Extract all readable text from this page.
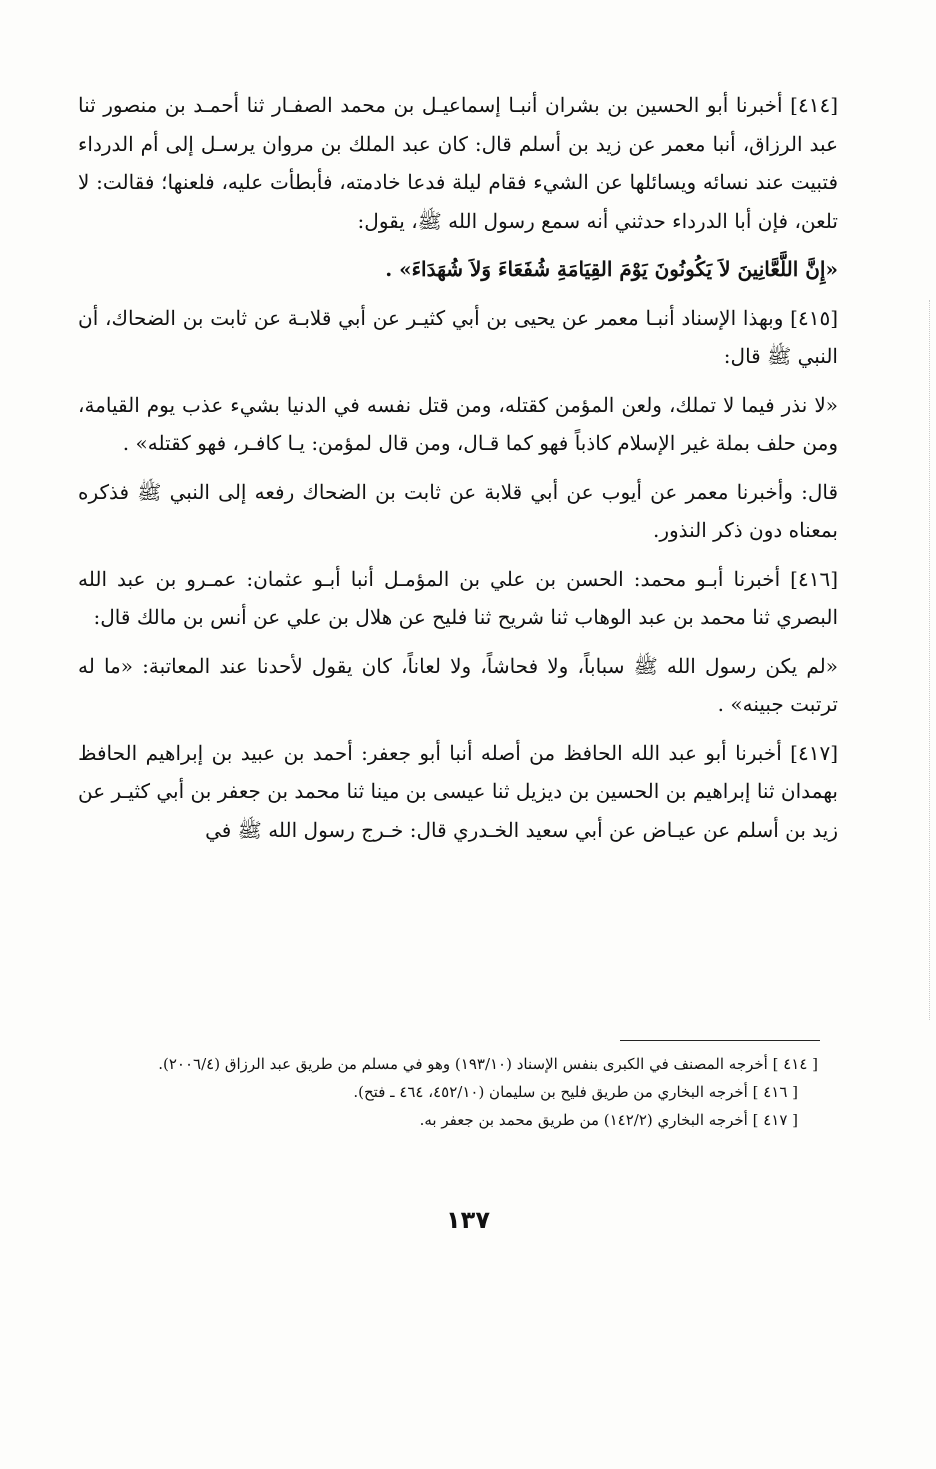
[٤١٤] أخبرنا أبو الحسين بن بشران أنبـا إسماعيـل بن محمد الصفـار ثنا أحمـد بن منصور ثنا عبد الرزاق، أنبا معمر عن زيد بن أسلم قال: كان عبد الملك بن مروان يرسـل إلى أم الدرداء فتبيت عند نسائه ويسائلها عن الشيء فقام ليلة فدعا خادمته، فأبطأت عليه، فلعنها؛ فقالت: لا تلعن، فإن أبا الدرداء حدثني أنه سمع رسول الله ﷺ، يقول:

«إِنَّ اللَّعَّانِينَ لاَ يَكُونُونَ يَوْمَ القِيَامَةِ شُفَعَاءَ وَلاَ شُهَدَاءَ» .

[٤١٥] وبهذا الإسناد أنبـا معمر عن يحيى بن أبي كثيـر عن أبي قلابـة عن ثابت بن الضحاك، أن النبي ﷺ قال:

«لا نذر فيما لا تملك، ولعن المؤمن كقتله، ومن قتل نفسه في الدنيا بشيء عذب يوم القيامة، ومن حلف بملة غير الإسلام كاذباً فهو كما قـال، ومن قال لمؤمن: يـا كافـر، فهو كقتله» .

قال: وأخبرنا معمر عن أيوب عن أبي قلابة عن ثابت بن الضحاك رفعه إلى النبي ﷺ فذكره بمعناه دون ذكر النذور.

[٤١٦] أخبرنا أبـو محمد: الحسن بن علي بن المؤمـل أنبا أبـو عثمان: عمـرو بن عبد الله البصري ثنا محمد بن عبد الوهاب ثنا شريح ثنا فليح عن هلال بن علي عن أنس بن مالك قال:

«لم يكن رسول الله ﷺ سباباً، ولا فحاشاً، ولا لعاناً، كان يقول لأحدنا عند المعاتبة: «ما له ترتبت جبينه» .

[٤١٧] أخبرنا أبو عبد الله الحافظ من أصله أنبا أبو جعفر: أحمد بن عبيد بن إبراهيم الحافظ بهمدان ثنا إبراهيم بن الحسين بن ديزيل ثنا عيسى بن مينا ثنا محمد بن جعفر بن أبي كثيـر عن زيد بن أسلم عن عيـاض عن أبي سعيد الخـدري قال: خـرج رسول الله ﷺ في

[ ٤١٤ ] أخرجه المصنف في الكبرى بنفس الإسناد (١٩٣/١٠) وهو في مسلم من طريق عبد الرزاق (٢٠٠٦/٤).

[ ٤١٦ ] أخرجه البخاري من طريق فليح بن سليمان (٤٥٢/١٠، ٤٦٤ ـ فتح).

[ ٤١٧ ] أخرجه البخاري (١٤٢/٢) من طريق محمد بن جعفر به.

١٣٧
